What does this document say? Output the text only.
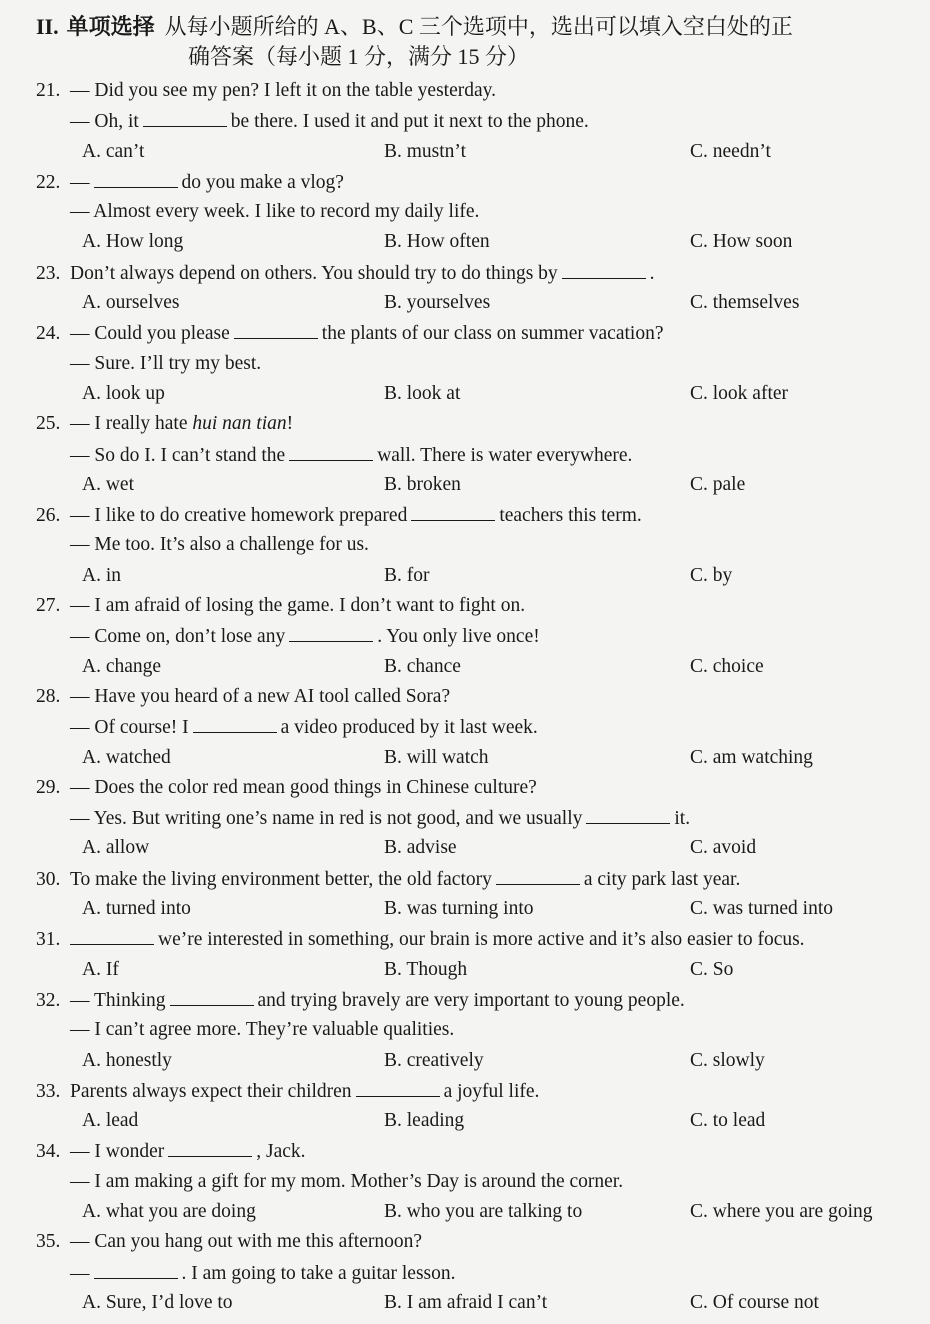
II. 单项选择 从每小题所给的 A、B、C 三个选项中，选出可以填入空白处的正
确答案（每小题 1 分，满分 15 分）
21. — Did you see my pen? I left it on the table yesterday.
— Oh, it	be there. I used it and put it next to the phone.
A. can’t	B. mustn’t	C. needn’t
22. —	do you make a vlog?
— Almost every week. I like to record my daily life.
A. How long	B. How often	C. How soon
23. Don’t always depend on others. You should try to do things by	.
A. ourselves	B. yourselves	C. themselves
24. — Could you please	the plants of our class on summer vacation?
— Sure. I’ll try my best.
A. look up	B. look at	C. look after
25. — I really hate hui nan tian!
— So do I. I can’t stand the	wall. There is water everywhere.
A. wet	B. broken	C. pale
26. — I like to do creative homework prepared	teachers this term.
— Me too. It’s also a challenge for us.
A. in	B. for	C. by
27. — I am afraid of losing the game. I don’t want to fight on.
— Come on, don’t lose any	. You only live once!
A. change	B. chance	C. choice
28. — Have you heard of a new AI tool called Sora?
— Of course! I	a video produced by it last week.
A. watched	B. will watch	C. am watching
29. — Does the color red mean good things in Chinese culture?
— Yes. But writing one’s name in red is not good, and we usually	it.
A. allow	B. advise	C. avoid
30. To make the living environment better, the old factory	a city park last year.
A. turned into	B. was turning into	C. was turned into
31.	we’re interested in something, our brain is more active and it’s also easier to focus.
A. If	B. Though	C. So
32. — Thinking	and trying bravely are very important to young people.
— I can’t agree more. They’re valuable qualities.
A. honestly	B. creatively	C. slowly
33. Parents always expect their children	a joyful life.
A. lead	B. leading	C. to lead
34. — I wonder	, Jack.
— I am making a gift for my mom. Mother’s Day is around the corner.
A. what you are doing	B. who you are talking to	C. where you are going
35. — Can you hang out with me this afternoon?
—	. I am going to take a guitar lesson.
A. Sure, I’d love to	B. I am afraid I can’t	C. Of course not
